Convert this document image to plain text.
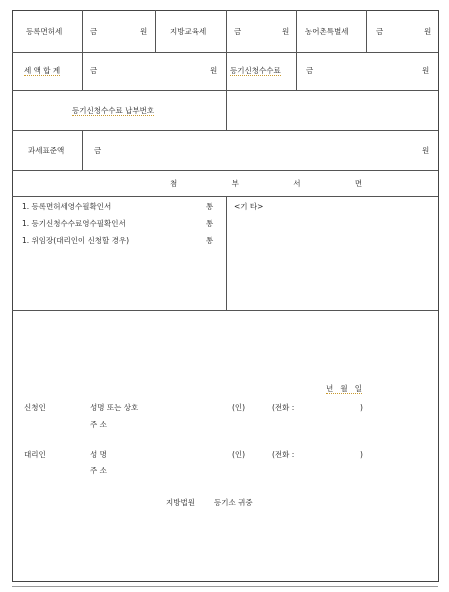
등록면허세	금	원	지방교육세	금	원 농어촌특별세	금	원
세 액 합 계	금	원 등기신청수수료	금	원
등기신청수수료 납부번호
과세표준액	금	원
첨 부 서 면
1. 등록면허세영수필확인서	통
1. 등기신청수수료영수필확인서	통
1. 위임장(대리인이 신청할 경우)	통
<기 타>
년   월   일
신청인	성명 또는 상호	(인)	(전화 :	)
주 소
대리인	성 명	(인)	(전화 :	)
주 소
지방법원        등기소 귀중
